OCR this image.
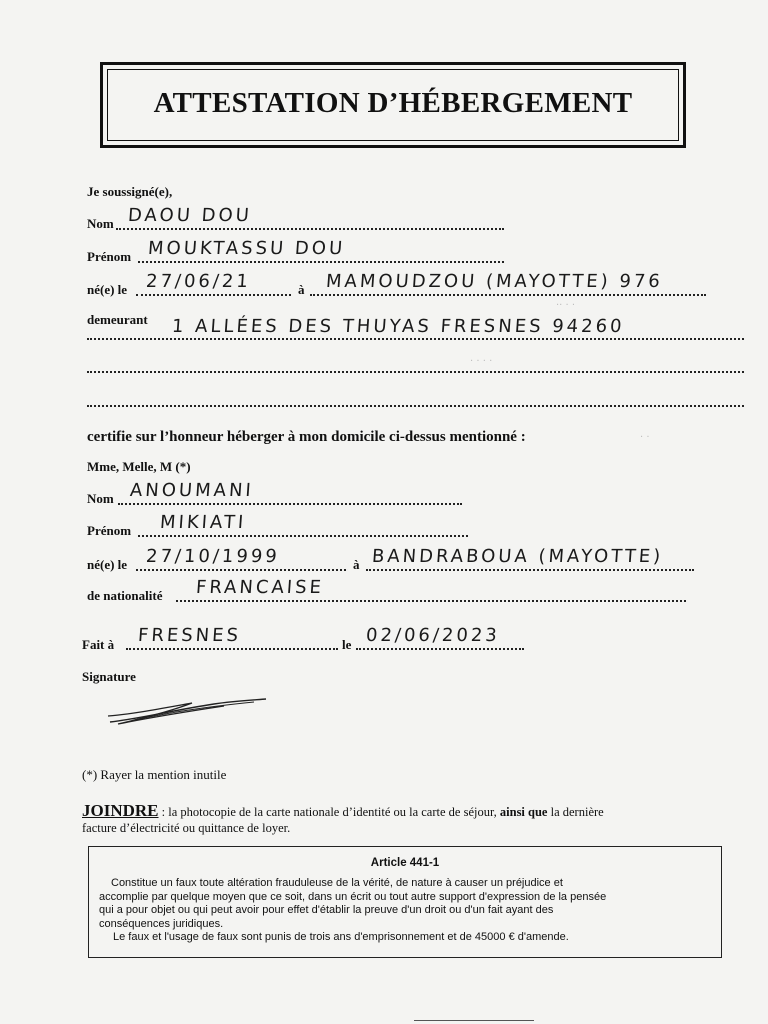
ATTESTATION D’HÉBERGEMENT
Je soussigné(e),
Nom DAOU DOU
Prénom MOUKTASSU DOU
né(e) le 27/06/21	à MAMOUDZOU (MAYOTTE) 976
demeurant 1 ALLÉES DES THUYAS FRESNES 94260
·· · ·
· · · ·
· ·
certifie sur l’honneur héberger à mon domicile ci-dessus mentionné :
Mme, Melle, M (*)
Nom ANOUMANI
Prénom MIKIATI
né(e) le 27/10/1999	à BANDRABOUA (MAYOTTE)
de nationalité FRANCAISE
Fait à FRESNES	le 02/06/2023
Signature
(*) Rayer la mention inutile
JOINDRE : la photocopie de la carte nationale d’identité ou la carte de séjour, ainsi que la dernière
facture d’électricité ou quittance de loyer.
Article 441-1

Constitue un faux toute altération frauduleuse de la vérité, de nature à causer un préjudice et

accomplie par quelque moyen que ce soit, dans un écrit ou tout autre support d'expression de la pensée

qui a pour objet ou qui peut avoir pour effet d'établir la preuve d'un droit ou d'un fait ayant des

conséquences juridiques.

Le faux et l'usage de faux sont punis de trois ans d'emprisonnement et de 45000 € d'amende.
